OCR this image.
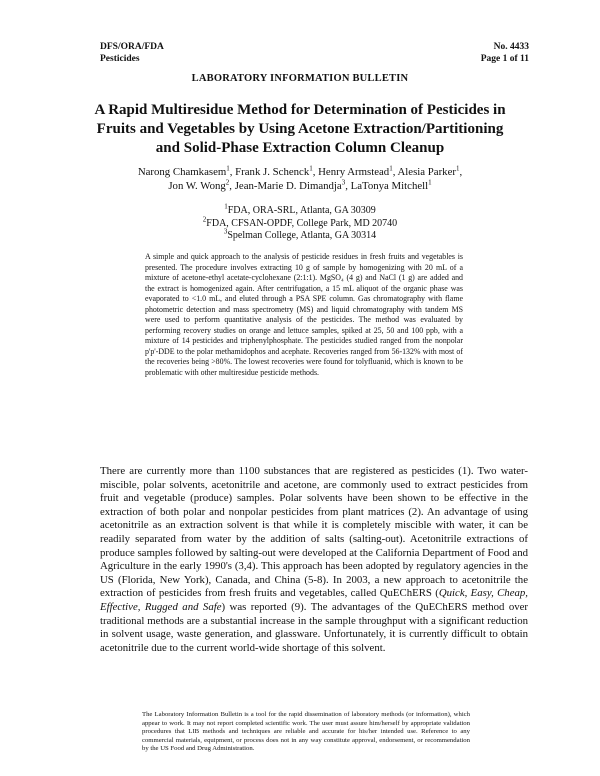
DFS/ORA/FDA
Pesticides
No. 4433
Page 1 of 11
LABORATORY INFORMATION BULLETIN
A Rapid Multiresidue Method for Determination of Pesticides in
Fruits and Vegetables by Using Acetone Extraction/Partitioning
and Solid-Phase Extraction Column Cleanup
Narong Chamkasem$^1$, Frank J. Schenck$^1$, Henry Armstead$^1$, Alesia Parker$^1$,
Jon W. Wong$^2$, Jean-Marie D. Dimandja$^3$, LaTonya Mitchell$^1$
$^1$FDA, ORA-SRL, Atlanta, GA 30309
$^2$FDA, CFSAN-OPDF, College Park, MD 20740
$^3$Spelman College, Atlanta, GA 30314

A simple and quick approach to the analysis of pesticide residues in fresh fruits and vegetables is presented. The procedure involves extracting 10 g of sample by homogenizing with 20 mL of a mixture of acetone-ethyl acetate-cyclohexane (2:1:1). MgSO₄ (4 g) and NaCl (1 g) are added and the extract is homogenized again. After centrifugation, a 15 mL aliquot of the organic phase was evaporated to <1.0 mL, and eluted through a PSA SPE column. Gas chromatography with flame photometric detection and mass spectrometry (MS) and liquid chromatography with tandem MS were used to perform quantitative analysis of the pesticides. The method was evaluated by performing recovery studies on orange and lettuce samples, spiked at 25, 50 and 100 ppb, with a mixture of 14 pesticides and triphenylphosphate. The pesticides studied ranged from the nonpolar p'p'-DDE to the polar methamidophos and acephate. Recoveries ranged from 56-132% with most of the recoveries being >80%. The lowest recoveries were found for tolyfluanid, which is known to be problematic with other multiresidue pesticide methods.

There are currently more than 1100 substances that are registered as pesticides (1). Two water-miscible, polar solvents, acetonitrile and acetone, are commonly used to extract pesticides from fruit and vegetable (produce) samples. Polar solvents have been shown to be effective in the extraction of both polar and nonpolar pesticides from plant matrices (2). An advantage of using acetonitrile as an extraction solvent is that while it is completely miscible with water, it can be readily separated from water by the addition of salts (salting-out). Acetonitrile extractions of produce samples followed by salting-out were developed at the California Department of Food and Agriculture in the early 1990's (3,4). This approach has been adopted by regulatory agencies in the US (Florida, New York), Canada, and China (5-8). In 2003, a new approach to acetonitrile the extraction of pesticides from fresh fruits and vegetables, called QuEChERS (Quick, Easy, Cheap, Effective, Rugged and Safe) was reported (9). The advantages of the QuEChERS method over traditional methods are a substantial increase in the sample throughput with a significant reduction in solvent usage, waste generation, and glassware. Unfortunately, it is currently difficult to obtain acetonitrile due to the current world-wide shortage of this solvent.

The Laboratory Information Bulletin is a tool for the rapid dissemination of laboratory methods (or information), which appear to work. It may not report completed scientific work. The user must assure him/herself by appropriate validation procedures that LIB methods and techniques are reliable and accurate for his/her intended use. Reference to any commercial materials, equipment, or process does not in any way constitute approval, endorsement, or recommendation by the US Food and Drug Administration.
